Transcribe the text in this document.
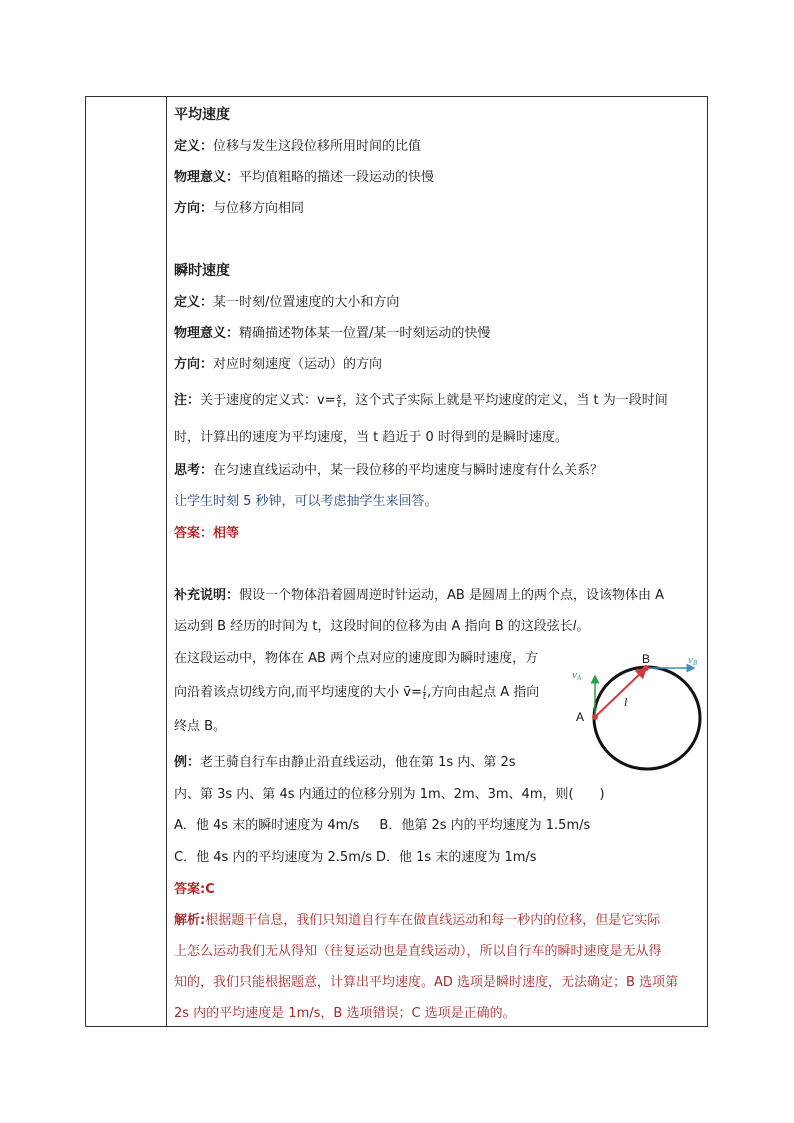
平均速度
定义：位移与发生这段位移所用时间的比值
物理意义：平均值粗略的描述一段运动的快慢
方向：与位移方向相同
瞬时速度
定义：某一时刻/位置速度的大小和方向
物理意义：精确描述物体某一位置/某一时刻运动的快慢
方向：对应时刻速度（运动）的方向
注：关于速度的定义式：$v= \frac{x}{t}$ ，这个式子实际上就是平均速度的定义，当 t 为一段时间
时，计算出的速度为平均速度，当 t 趋近于 0 时得到的是瞬时速度。
思考：在匀速直线运动中，某一段位移的平均速度与瞬时速度有什么关系？
让学生时刻 5 秒钟，可以考虑抽学生来回答。
答案：相等
补充说明：假设一个物体沿着圆周逆时针运动，AB 是圆周上的两个点，设该物体由 A
运动到 B 经历的时间为 t，这段时间的位移为由 A 指向 B 的这段弦长l。
在这段运动中，物体在 AB 两个点对应的速度即为瞬时速度，方
向沿着该点切线方向,而平均速度的大小 v̄= $\frac{l}{t}$ ,方向由起点 A 指向
终点 B。
例：老王骑自行车由静止沿直线运动，他在第 1s 内、第 2s
内、第 3s 内、第 4s 内通过的位移分别为 1m、2m、3m、4m，则(　　)
A．他 4s 末的瞬时速度为 4m/s B．他第 2s 内的平均速度为 1.5m/s
C．他 4s 内的平均速度为 2.5m/s D．他 1s 末的速度为 1m/s
答案:C
解析:根据题干信息，我们只知道自行车在做直线运动和每一秒内的位移，但是它实际
上怎么运动我们无从得知（往复运动也是直线运动），所以自行车的瞬时速度是无从得
知的，我们只能根据题意，计算出平均速度。AD 选项是瞬时速度，无法确定；B 选项第
2s 内的平均速度是 1m/s，B 选项错误；C 选项是正确的。
A
B
l
vA
vB
